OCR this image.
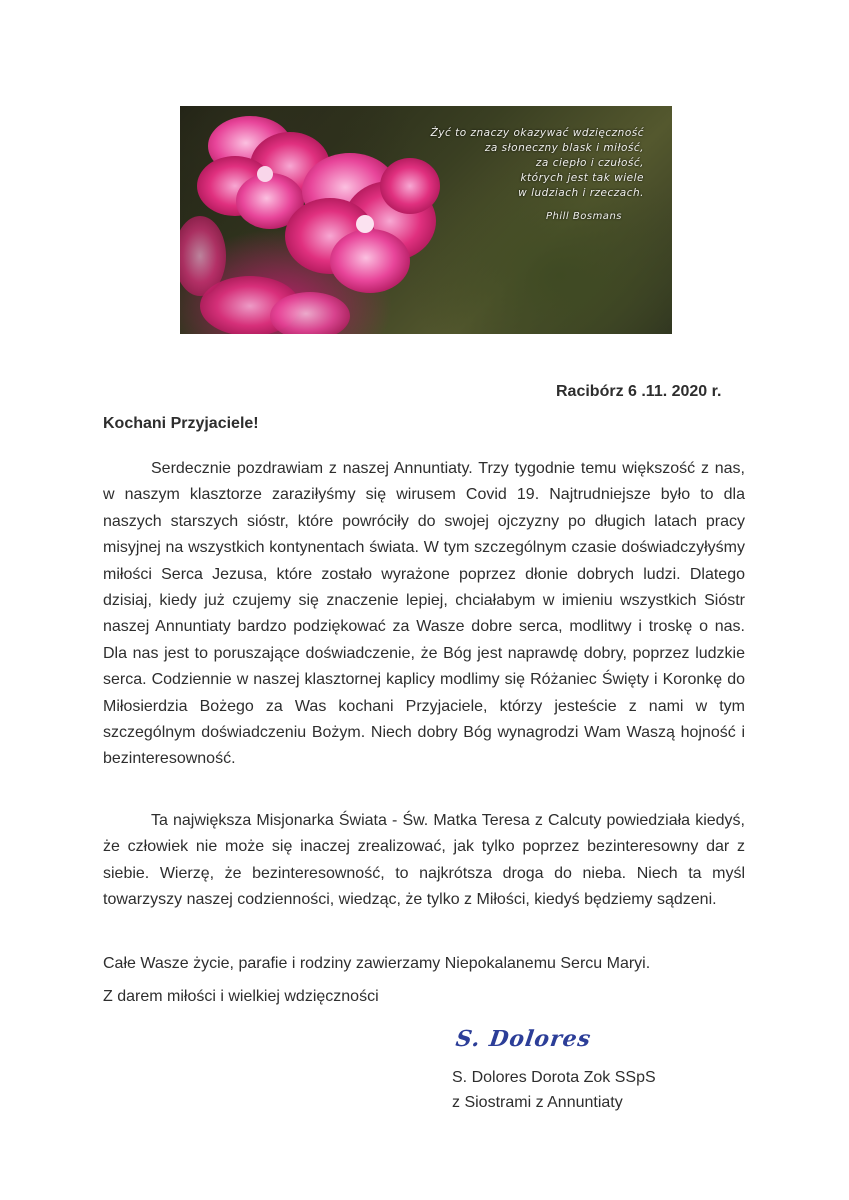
Żyć to znaczy okazywać wdzięczność
za słoneczny blask i miłość,
za ciepło i czułość,
których jest tak wiele
w ludziach i rzeczach.
Phill Bosmans
Racibórz 6 .11. 2020 r.
Kochani Przyjaciele!

Serdecznie pozdrawiam z naszej Annuntiaty. Trzy tygodnie temu większość z nas, w naszym klasztorze zaraziłyśmy się wirusem Covid 19. Najtrudniejsze było to dla naszych starszych sióstr, które powróciły do swojej ojczyzny po długich latach pracy misyjnej na wszystkich kontynentach świata. W tym szczególnym czasie doświadczyłyśmy miłości Serca Jezusa, które zostało wyrażone poprzez dłonie dobrych ludzi. Dlatego dzisiaj, kiedy już czujemy się znaczenie lepiej, chciałabym w imieniu wszystkich Sióstr naszej Annuntiaty bardzo podziękować za Wasze dobre serca, modlitwy i troskę o nas. Dla nas jest to poruszające doświadczenie, że Bóg jest naprawdę dobry, poprzez ludzkie serca. Codziennie w naszej klasztornej kaplicy modlimy się Różaniec Święty i Koronkę do Miłosierdzia Bożego za Was kochani Przyjaciele, którzy jesteście z nami w tym szczególnym doświadczeniu Bożym. Niech dobry Bóg wynagrodzi Wam Waszą hojność i bezinteresowność.

Ta największa Misjonarka Świata - Św. Matka Teresa z Calcuty powiedziała kiedyś, że człowiek nie może się inaczej zrealizować, jak tylko poprzez bezinteresowny dar z siebie. Wierzę, że bezinteresowność, to najkrótsza droga do nieba. Niech ta myśl towarzyszy naszej codzienności, wiedząc, że tylko z Miłości, kiedyś będziemy sądzeni.

Całe Wasze życie, parafie i rodziny zawierzamy Niepokalanemu Sercu Maryi.
Z darem miłości i wielkiej wdzięczności
S. Dolores
S. Dolores Dorota Zok SSpS
z Siostrami z Annuntiaty
